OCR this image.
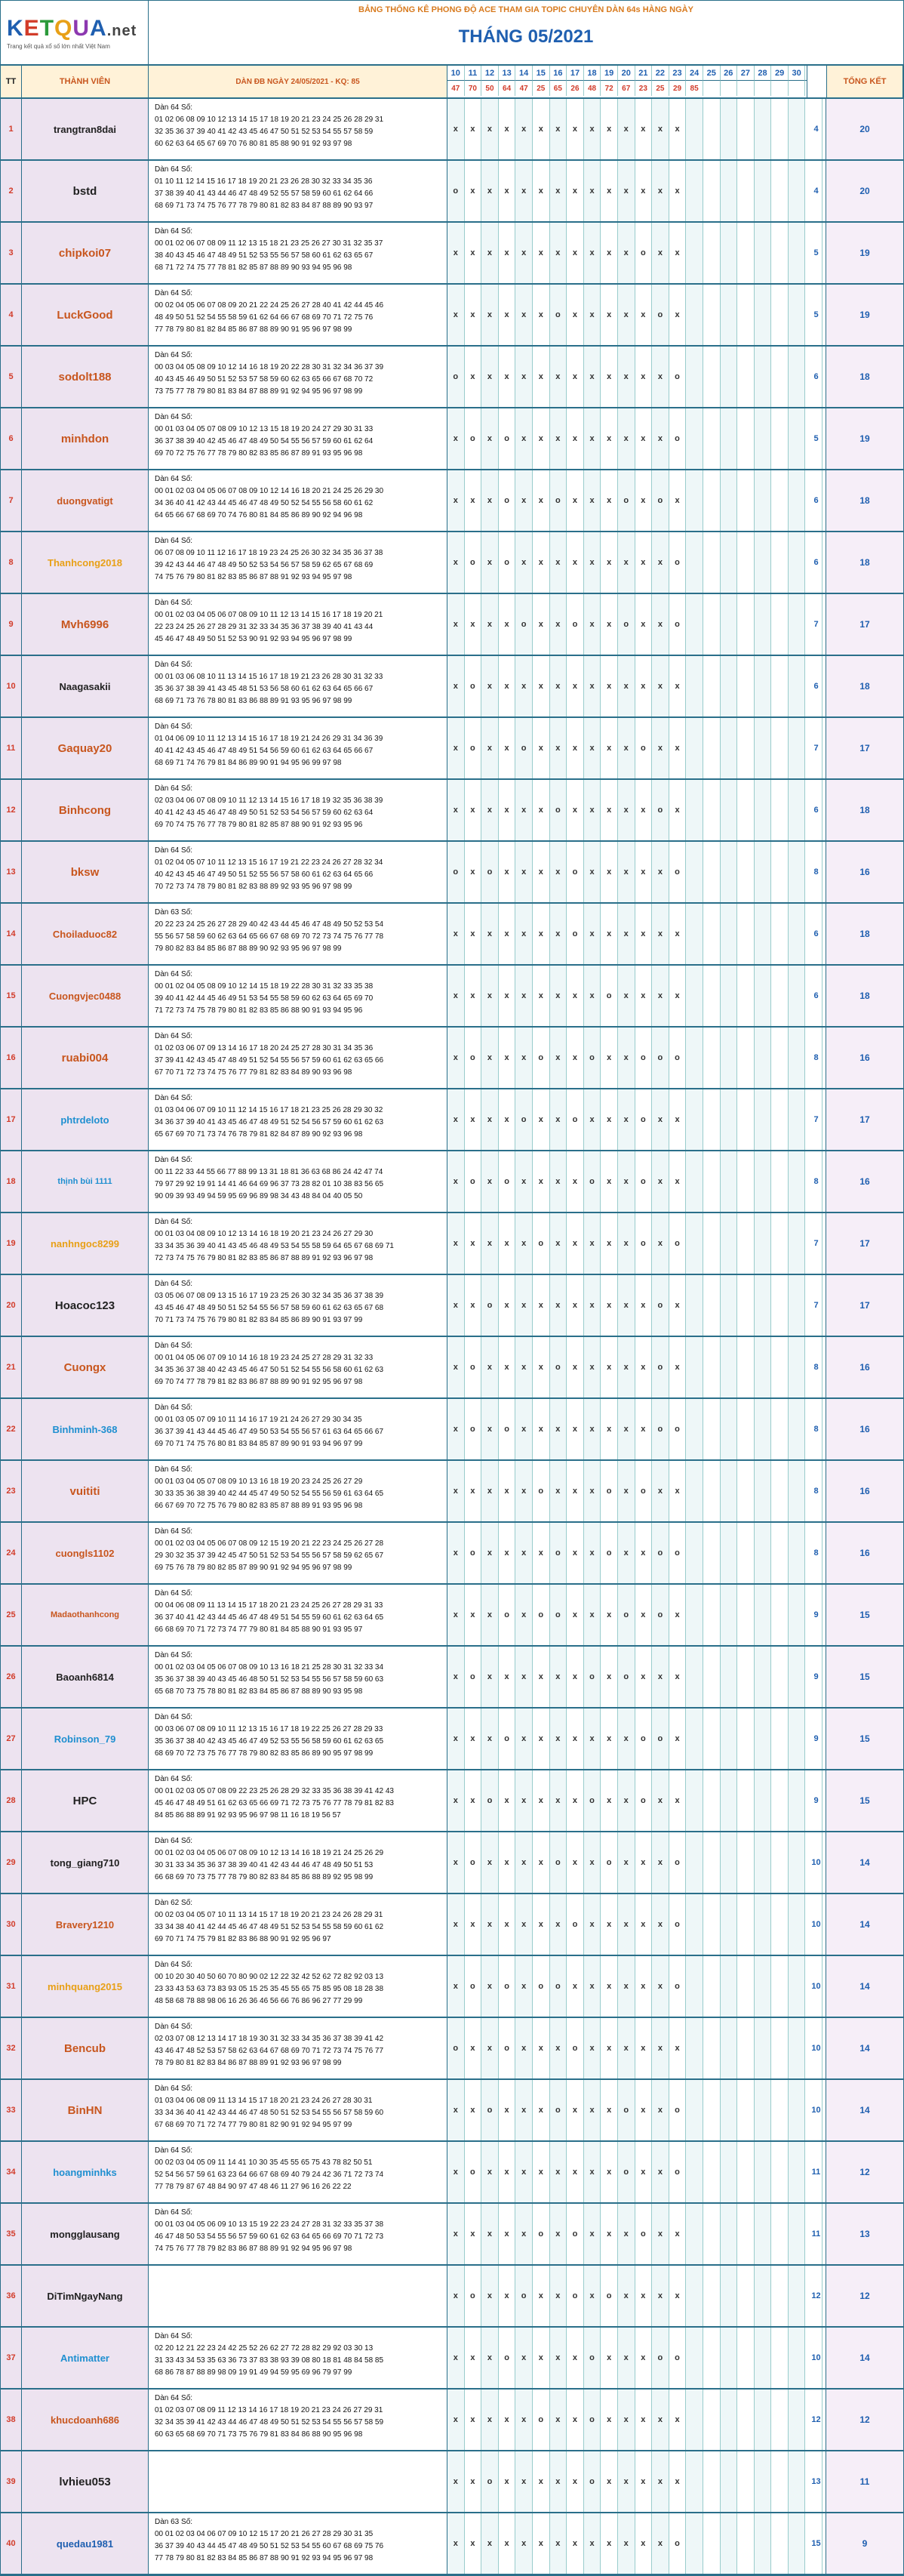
KETQUA.net
Trang kết quả xổ số lớn nhất Việt Nam
BẢNG THỐNG KÊ PHONG ĐỘ ACE THAM GIA TOPIC CHUYÊN DÀN 64s HÀNG NGÀY
THÁNG 05/2021
TT	THÀNH VIÊN	DÀN ĐB NGÀY 24/05/2021 - KQ: 85
10 11 12 13 14 15 16 17 18 19 20 21 22 23 24 25 26 27 28 29 30
47	70	50	64	47	25	65	26	48	72	67	23	25	29	85
TỔNG KẾT
1	trangtran8dai
Dàn 64 Số:
01 02 06 08 09 10 12 13 14 15 17 18 19 20 21 23 24 25 26 28 29 31
32 35 36 37 39 40 41 42 43 45 46 47 50 51 52 53 54 55 57 58 59
60 62 63 64 65 67 69 70 76 80 81 85 88 90 91 92 93 97 98
x	x	x	x	x	x	x	x	x	x	x	x	x	x	4	20
2	bstd
Dàn 64 Số:
01 10 11 12 14 15 16 17 18 19 20 21 23 26 28 30 32 33 34 35 36
37 38 39 40 41 43 44 46 47 48 49 52 55 57 58 59 60 61 62 64 66
68 69 71 73 74 75 76 77 78 79 80 81 82 83 84 87 88 89 90 93 97
o	x	x	x	x	x	x	x	x	x	x	x	x	x	4	20
3	chipkoi07
Dàn 64 Số:
00 01 02 06 07 08 09 11 12 13 15 18 21 23 25 26 27 30 31 32 35 37
38 40 43 45 46 47 48 49 51 52 53 55 56 57 58 60 61 62 63 65 67
68 71 72 74 75 77 78 81 82 85 87 88 89 90 93 94 95 96 98
x	x	x	x	x	x	x	x	x	x	x	o	x	x	5	19
4	LuckGood
Dàn 64 Số:
00 02 04 05 06 07 08 09 20 21 22 24 25 26 27 28 40 41 42 44 45 46
48 49 50 51 52 54 55 58 59 61 62 64 66 67 68 69 70 71 72 75 76
77 78 79 80 81 82 84 85 86 87 88 89 90 91 95 96 97 98 99
x	x	x	x	x	x	o	x	x	x	x	x	o	x	5	19
5	sodolt188
Dàn 64 Số:
00 03 04 05 08 09 10 12 14 16 18 19 20 22 28 30 31 32 34 36 37 39
40 43 45 46 49 50 51 52 53 57 58 59 60 62 63 65 66 67 68 70 72
73 75 77 78 79 80 81 83 84 87 88 89 91 92 94 95 96 97 98 99
o	x	x	x	x	x	x	x	x	x	x	x	x	o	6	18
6	minhdon
Dàn 64 Số:
00 01 03 04 05 07 08 09 10 12 13 15 18 19 20 24 27 29 30 31 33
36 37 38 39 40 42 45 46 47 48 49 50 54 55 56 57 59 60 61 62 64
69 70 72 75 76 77 78 79 80 82 83 85 86 87 89 91 93 95 96 98
x	o	x	o	x	x	x	x	x	x	x	x	x	o	5	19
7	duongvatigt
Dàn 64 Số:
00 01 02 03 04 05 06 07 08 09 10 12 14 16 18 20 21 24 25 26 29 30
34 36 40 41 42 43 44 45 46 47 48 49 50 52 54 55 56 58 60 61 62
64 65 66 67 68 69 70 74 76 80 81 84 85 86 89 90 92 94 96 98
x	x	x	o	x	x	o	x	x	x	o	x	o	x	6	18
8	Thanhcong2018
Dàn 64 Số:
06 07 08 09 10 11 12 16 17 18 19 23 24 25 26 30 32 34 35 36 37 38
39 42 43 44 46 47 48 49 50 52 53 54 56 57 58 59 62 65 67 68 69
74 75 76 79 80 81 82 83 85 86 87 88 91 92 93 94 95 97 98
x	o	x	o	x	x	x	x	x	x	x	x	x	o	6	18
9	Mvh6996
Dàn 64 Số:
00 01 02 03 04 05 06 07 08 09 10 11 12 13 14 15 16 17 18 19 20 21
22 23 24 25 26 27 28 29 31 32 33 34 35 36 37 38 39 40 41 43 44
45 46 47 48 49 50 51 52 53 90 91 92 93 94 95 96 97 98 99
x	x	x	x	o	x	x	o	x	x	o	x	x	o	7	17
10	Naagasakii
Dàn 64 Số:
00 01 03 06 08 10 11 13 14 15 16 17 18 19 21 23 26 28 30 31 32 33
35 36 37 38 39 41 43 45 48 51 53 56 58 60 61 62 63 64 65 66 67
68 69 71 73 76 78 80 81 83 86 88 89 91 93 95 96 97 98 99
x	o	x	x	x	x	x	x	x	x	x	x	x	x	6	18
11	Gaquay20
Dàn 64 Số:
01 04 06 09 10 11 12 13 14 15 16 17 18 19 21 24 26 29 31 34 36 39
40 41 42 43 45 46 47 48 49 51 54 56 59 60 61 62 63 64 65 66 67
68 69 71 74 76 79 81 84 86 89 90 91 94 95 96 99 97 98
x	o	x	x	o	x	x	x	x	x	x	o	x	x	7	17
12	Binhcong
Dàn 64 Số:
02 03 04 06 07 08 09 10 11 12 13 14 15 16 17 18 19 32 35 36 38 39
40 41 42 43 45 46 47 48 49 50 51 52 53 54 56 57 59 60 62 63 64
69 70 74 75 76 77 78 79 80 81 82 85 87 88 90 91 92 93 95 96
x	x	x	x	x	x	o	x	x	x	x	x	o	x	6	18
13	bksw
Dàn 64 Số:
01 02 04 05 07 10 11 12 13 15 16 17 19 21 22 23 24 26 27 28 32 34
40 42 43 45 46 47 49 50 51 52 55 56 57 58 60 61 62 63 64 65 66
70 72 73 74 78 79 80 81 82 83 88 89 92 93 95 96 97 98 99
o	x	o	x	x	x	x	o	x	x	x	x	x	o	8	16
14	Choiladuoc82
Dàn 63 Số:
20 22 23 24 25 26 27 28 29 40 42 43 44 45 46 47 48 49 50 52 53 54
55 56 57 58 59 60 62 63 64 65 66 67 68 69 70 72 73 74 75 76 77 78
79 80 82 83 84 85 86 87 88 89 90 92 93 95 96 97 98 99
x	x	x	x	x	x	x	o	x	x	x	x	x	x	6	18
15	Cuongvjec0488
Dàn 64 Số:
00 01 02 04 05 08 09 10 12 14 15 18 19 22 28 30 31 32 33 35 38
39 40 41 42 44 45 46 49 51 53 54 55 58 59 60 62 63 64 65 69 70
71 72 73 74 75 78 79 80 81 82 83 85 86 88 90 91 93 94 95 96
x	x	x	x	x	x	x	x	x	o	x	x	x	x	6	18
16	ruabi004
Dàn 64 Số:
01 02 03 06 07 09 13 14 16 17 18 20 24 25 27 28 30 31 34 35 36
37 39 41 42 43 45 47 48 49 51 52 54 55 56 57 59 60 61 62 63 65 66
67 70 71 72 73 74 75 76 77 79 81 82 83 84 89 90 93 96 98
x	o	x	x	x	o	x	x	o	x	x	o	o	o	8	16
17	phtrdeloto
Dàn 64 Số:
01 03 04 06 07 09 10 11 12 14 15 16 17 18 21 23 25 26 28 29 30 32
34 36 37 39 40 41 43 45 46 47 48 49 51 52 54 56 57 59 60 61 62 63
65 67 69 70 71 73 74 76 78 79 81 82 84 87 89 90 92 93 96 98
x	x	x	x	o	x	x	o	x	x	x	o	x	x	7	17
18	thịnh bùi 1111
Dàn 64 Số:
00 11 22 33 44 55 66 77 88 99 13 31 18 81 36 63 68 86 24 42 47 74
79 97 29 92 19 91 14 41 46 64 69 96 37 73 28 82 01 10 38 83 56 65
90 09 39 93 49 94 59 95 69 96 89 98 34 43 48 84 04 40 05 50
x	o	x	o	x	x	x	x	o	x	x	o	x	x	8	16
19	nanhngoc8299
Dàn 64 Số:
00 01 03 04 08 09 10 12 13 14 16 18 19 20 21 23 24 26 27 29 30
33 34 35 36 39 40 41 43 45 46 48 49 53 54 55 58 59 64 65 67 68 69 71
72 73 74 75 76 79 80 81 82 83 85 86 87 88 89 91 92 93 96 97 98
x	x	x	x	x	o	x	x	x	x	x	o	x	o	7	17
20	Hoacoc123
Dàn 64 Số:
03 05 06 07 08 09 13 15 16 17 19 23 25 26 30 32 34 35 36 37 38 39
43 45 46 47 48 49 50 51 52 54 55 56 57 58 59 60 61 62 63 65 67 68
70 71 73 74 75 76 79 80 81 82 83 84 85 86 89 90 91 93 97 99
x	x	o	x	x	x	x	x	x	x	x	x	o	x	7	17
21	Cuongx
Dàn 64 Số:
00 01 04 05 06 07 09 10 14 16 18 19 23 24 25 27 28 29 31 32 33
34 35 36 37 38 40 42 43 45 46 47 50 51 52 54 55 56 58 60 61 62 63
69 70 74 77 78 79 81 82 83 86 87 88 89 90 91 92 95 96 97 98
x	o	x	x	x	x	o	x	x	x	x	x	o	x	8	16
22	Binhminh-368
Dàn 64 Số:
00 01 03 05 07 09 10 11 14 16 17 19 21 24 26 27 29 30 34 35
36 37 39 41 43 44 45 46 47 49 50 53 54 55 56 57 61 63 64 65 66 67
69 70 71 74 75 76 80 81 83 84 85 87 89 90 91 93 94 96 97 99
x	o	x	o	x	x	x	x	x	x	x	x	o	o	8	16
23	vuititi
Dàn 64 Số:
00 01 03 04 05 07 08 09 10 13 16 18 19 20 23 24 25 26 27 29
30 33 35 36 38 39 40 42 44 45 47 49 50 52 54 55 56 59 61 63 64 65
66 67 69 70 72 75 76 79 80 82 83 85 87 88 89 91 93 95 96 98
x	x	x	x	x	o	x	x	x	o	x	o	x	x	8	16
24	cuongls1102
Dàn 64 Số:
00 01 02 03 04 05 06 07 08 09 12 15 19 20 21 22 23 24 25 26 27 28
29 30 32 35 37 39 42 45 47 50 51 52 53 54 55 56 57 58 59 62 65 67
69 75 76 78 79 80 82 85 87 89 90 91 92 94 95 96 97 98 99
x	o	x	x	x	x	o	x	x	o	x	x	o	o	8	16
25	Madaothanhcong
Dàn 64 Số:
00 04 06 08 09 11 13 14 15 17 18 20 21 23 24 25 26 27 28 29 31 33
36 37 40 41 42 43 44 45 46 47 48 49 51 54 55 59 60 61 62 63 64 65
66 68 69 70 71 72 73 74 77 79 80 81 84 85 88 90 91 93 95 97
x	x	x	o	x	o	o	x	x	x	o	x	o	x	9	15
26	Baoanh6814
Dàn 64 Số:
00 01 02 03 04 05 06 07 08 09 10 13 16 18 21 25 28 30 31 32 33 34
35 36 37 38 39 40 43 45 46 48 50 51 52 53 54 55 56 57 58 59 60 63
65 68 70 73 75 78 80 81 82 83 84 85 86 87 88 89 90 93 95 98
x	o	x	x	x	x	x	x	o	x	o	x	x	x	9	15
27	Robinson_79
Dàn 64 Số:
00 03 06 07 08 09 10 11 12 13 15 16 17 18 19 22 25 26 27 28 29 33
35 36 37 38 40 42 43 45 46 47 49 52 53 55 56 58 59 60 61 62 63 65
68 69 70 72 73 75 76 77 78 79 80 82 83 85 86 89 90 95 97 98 99
x	x	x	o	x	x	x	x	x	x	x	o	o	x	9	15
28	HPC
Dàn 64 Số:
00 01 02 03 05 07 08 09 22 23 25 26 28 29 32 33 35 36 38 39 41 42 43
45 46 47 48 49 51 61 62 63 65 66 69 71 72 73 75 76 77 78 79 81 82 83
84 85 86 88 89 91 92 93 95 96 97 98 11 16 18 19 56 57
x	x	o	x	x	x	x	x	o	x	x	o	x	x	9	15
29	tong_giang710
Dàn 64 Số:
00 01 02 03 04 05 06 07 08 09 10 12 13 14 16 18 19 21 24 25 26 29
30 31 33 34 35 36 37 38 39 40 41 42 43 44 46 47 48 49 50 51 53
66 68 69 70 73 75 77 78 79 80 82 83 84 85 86 88 89 92 95 98 99
x	o	x	x	x	x	o	x	x	o	x	x	x	o	10	14
30	Bravery1210
Dàn 62 Số:
00 02 03 04 05 07 10 11 13 14 15 17 18 19 20 21 23 24 26 28 29 31
33 34 38 40 41 42 44 45 46 47 48 49 51 52 53 54 55 58 59 60 61 62
69 70 71 74 75 79 81 82 83 86 88 90 91 92 95 96 97
x	x	x	x	x	x	x	o	x	x	x	x	x	o	10	14
31	minhquang2015
Dàn 64 Số:
00 10 20 30 40 50 60 70 80 90 02 12 22 32 42 52 62 72 82 92 03 13
23 33 43 53 63 73 83 93 05 15 25 35 45 55 65 75 85 95 08 18 28 38
48 58 68 78 88 98 06 16 26 36 46 56 66 76 86 96 27 77 29 99
x	o	x	o	x	o	o	x	x	x	x	x	x	o	10	14
32	Bencub
Dàn 64 Số:
02 03 07 08 12 13 14 17 18 19 30 31 32 33 34 35 36 37 38 39 41 42
43 46 47 48 52 53 57 58 62 63 64 67 68 69 70 71 72 73 74 75 76 77
78 79 80 81 82 83 84 86 87 88 89 91 92 93 96 97 98 99
o	x	x	o	x	x	x	o	x	x	x	x	x	x	10	14
33	BinHN
Dàn 64 Số:
01 03 04 06 08 09 11 13 14 15 17 18 20 21 23 24 26 27 28 30 31
33 34 36 40 41 42 43 44 46 47 48 50 51 52 53 54 55 56 57 58 59 60
67 68 69 70 71 72 74 77 79 80 81 82 90 91 92 94 95 97 99
x	x	o	x	x	x	o	x	x	x	o	x	x	o	10	14
34	hoangminhks
Dàn 64 Số:
00 02 03 04 05 09 11 14 41 10 30 35 45 55 65 75 43 78 82 50 51
52 54 56 57 59 61 63 23 64 66 67 68 69 40 79 24 42 36 71 72 73 74
77 78 79 87 67 48 84 90 97 47 48 46 11 27 96 16 26 22 22
x	o	x	x	x	x	x	x	x	x	o	x	x	o	11	12
35	mongglausang
Dàn 64 Số:
00 01 03 04 05 06 09 10 13 15 19 22 23 24 27 28 31 32 33 35 37 38
46 47 48 50 53 54 55 56 57 59 60 61 62 63 64 65 66 69 70 71 72 73
74 75 76 77 78 79 82 83 86 87 88 89 91 92 94 95 96 97 98
x	x	x	x	x	o	x	o	x	x	x	o	x	x	11	13
36	DiTimNgayNang	x	o	x	x	o	x	x	o	x	o	x	x	x	x	12	12
37	Antimatter
Dàn 64 Số:
02 20 12 21 22 23 24 42 25 52 26 62 27 72 28 82 29 92 03 30 13
31 33 43 34 53 35 63 36 73 37 83 38 93 39 08 80 18 81 48 84 58 85
68 86 78 87 88 89 98 09 19 91 49 94 59 95 69 96 79 97 99
x	x	x	o	x	x	x	x	o	x	x	x	o	o	10	14
38	khucdoanh686
Dàn 64 Số:
01 02 03 07 08 09 11 12 13 14 16 17 18 19 20 21 23 24 26 27 29 31
32 34 35 39 41 42 43 44 46 47 48 49 50 51 52 53 54 55 56 57 58 59
60 63 65 68 69 70 71 73 75 76 79 81 83 84 86 88 90 95 96 98
x	x	x	x	x	o	x	x	o	x	x	x	x	x	12	12
39	lvhieu053	x	x	o	x	x	x	x	x	o	x	x	x	x	x	13	11
40	quedau1981
Dàn 63 Số:
00 01 02 03 04 06 07 09 10 12 15 17 20 21 26 27 28 29 30 31 35
36 37 39 40 43 44 45 47 48 49 50 51 52 53 54 55 60 67 68 69 75 76
77 78 79 80 81 82 83 84 85 86 87 88 90 91 92 93 94 95 96 97 98
x	x	x	x	x	x	x	x	x	x	x	x	x	o	15	9
